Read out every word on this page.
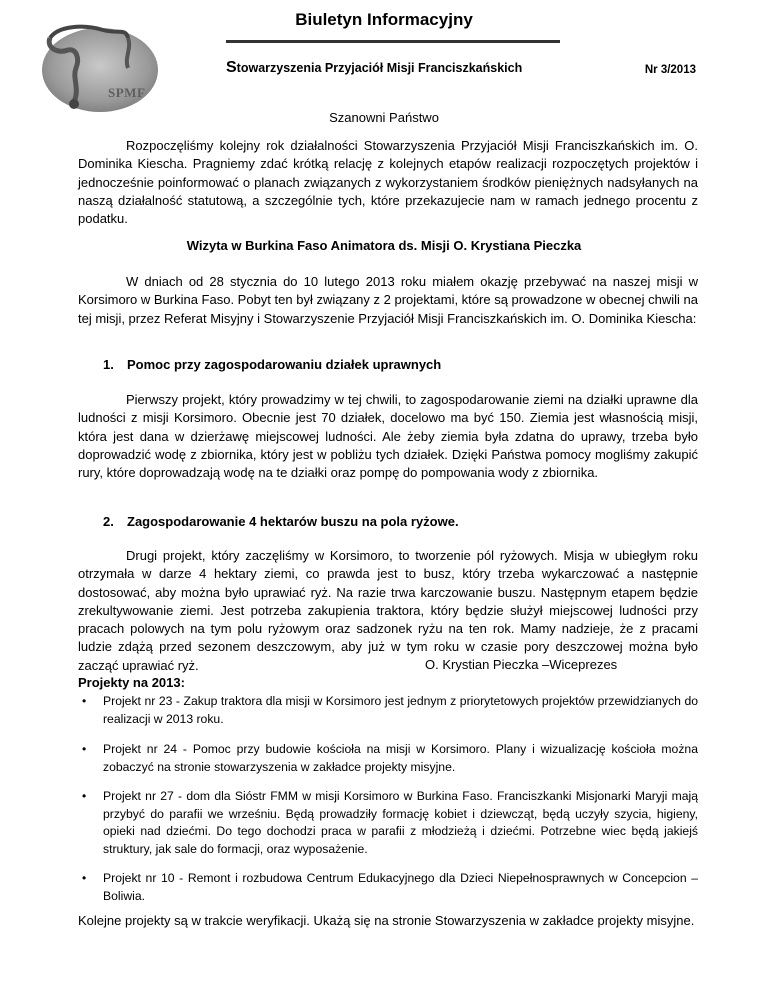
SPMF
Biuletyn Informacyjny
Stowarzyszenia Przyjaciół Misji Franciszkańskich	Nr 3/2013
Szanowni Państwo

Rozpoczęliśmy kolejny rok działalności Stowarzyszenia Przyjaciół Misji Franciszkańskich im. O. Dominika Kiescha. Pragniemy zdać krótką relację z kolejnych etapów realizacji rozpoczętych projektów i jednocześnie poinformować o planach związanych z wykorzystaniem środków pieniężnych nadsyłanych na naszą działalność statutową, a szczególnie tych, które przekazujecie nam w ramach jednego procentu z podatku.

Wizyta w Burkina Faso Animatora ds. Misji O. Krystiana Pieczka

W dniach od 28 stycznia do 10 lutego 2013 roku miałem okazję przebywać na naszej misji w Korsimoro w Burkina Faso. Pobyt ten był związany z 2 projektami, które są prowadzone w obecnej chwili na tej misji, przez Referat Misyjny i Stowarzyszenie Przyjaciół Misji Franciszkańskich im. O. Dominika Kiescha:

1. Pomoc przy zagospodarowaniu działek uprawnych

Pierwszy projekt, który prowadzimy w tej chwili, to zagospodarowanie ziemi na działki uprawne dla ludności z misji Korsimoro. Obecnie jest 70 działek, docelowo ma być 150. Ziemia jest własnością misji, która jest dana w dzierżawę miejscowej ludności. Ale żeby ziemia była zdatna do uprawy, trzeba było doprowadzić wodę z zbiornika, który jest w pobliżu tych działek. Dzięki Państwa pomocy mogliśmy zakupić rury, które doprowadzają wodę na te działki oraz pompę do pompowania wody z zbiornika.

2. Zagospodarowanie 4 hektarów buszu na pola ryżowe.

Drugi projekt, który zaczęliśmy w Korsimoro, to tworzenie pól ryżowych. Misja w ubiegłym roku otrzymała w darze 4 hektary ziemi, co prawda jest to busz, który trzeba wykarczować a następnie dostosować, aby można było uprawiać ryż. Na razie trwa karczowanie buszu. Następnym etapem będzie zrekultywowanie ziemi. Jest potrzeba zakupienia traktora, który będzie służył miejscowej ludności przy pracach polowych na tym polu ryżowym oraz sadzonek ryżu na ten rok. Mamy nadzieje, że z pracami ludzie zdążą przed sezonem deszczowym, aby już w tym roku w czasie pory deszczowej można było zacząć uprawiać ryż.	O. Krystian Pieczka –Wiceprezes
Projekty na 2013:
• Projekt nr 23 - Zakup traktora dla misji w Korsimoro jest jednym z priorytetowych projektów przewidzianych do realizacji w 2013 roku.
• Projekt nr 24 - Pomoc przy budowie kościoła na misji w Korsimoro. Plany i wizualizację kościoła można zobaczyć na stronie stowarzyszenia w zakładce projekty misyjne.
• Projekt nr 27 - dom dla Sióstr FMM w misji Korsimoro w Burkina Faso. Franciszkanki Misjonarki Maryji mają przybyć do parafii we wrześniu. Będą prowadziły formację kobiet i dziewcząt, będą uczyły szycia, higieny, opieki nad dziećmi. Do tego dochodzi praca w parafii z młodzieżą i dziećmi. Potrzebne wiec będą jakiejś struktury, jak sale do formacji, oraz wyposażenie.
• Projekt nr 10 - Remont i rozbudowa Centrum Edukacyjnego dla Dzieci Niepełnosprawnych w Concepcion – Boliwia.

Kolejne projekty są w trakcie weryfikacji. Ukażą się na stronie Stowarzyszenia w zakładce projekty misyjne.
